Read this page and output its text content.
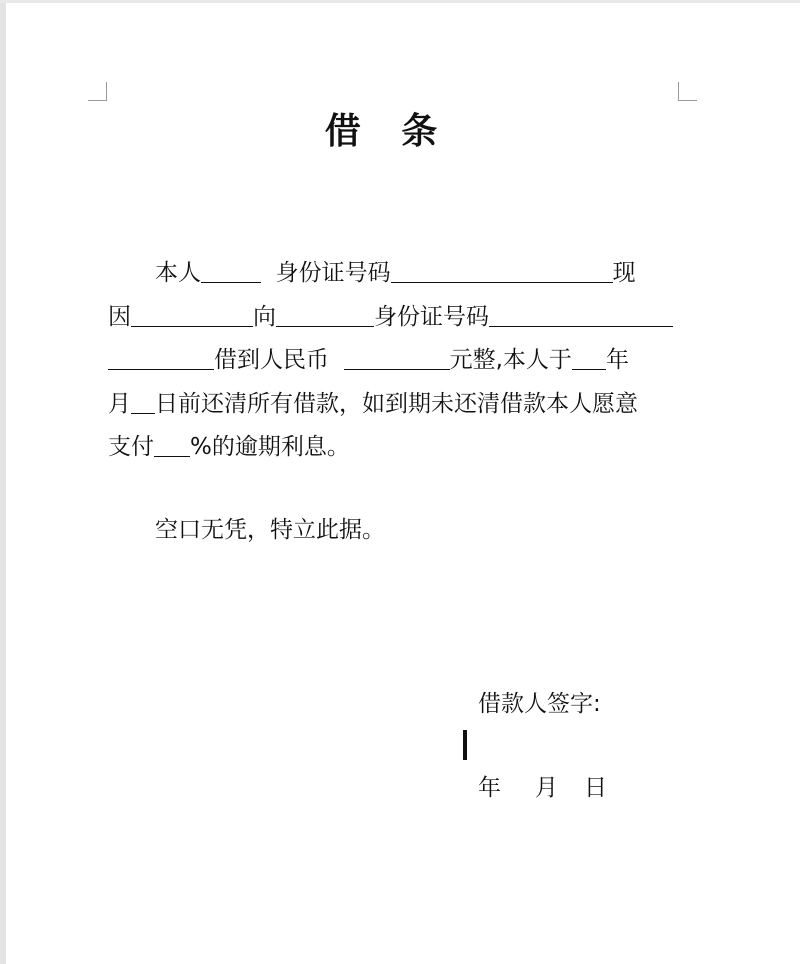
借 条
本人	身份证号码	现
因	向	身份证号码
借到人民币	元整,本人于 年
月 日前还清所有借款，如到期未还清借款本人愿意
支付 %的逾期利息。
空口无凭，特立此据。
借款人签字:
年 月 日
